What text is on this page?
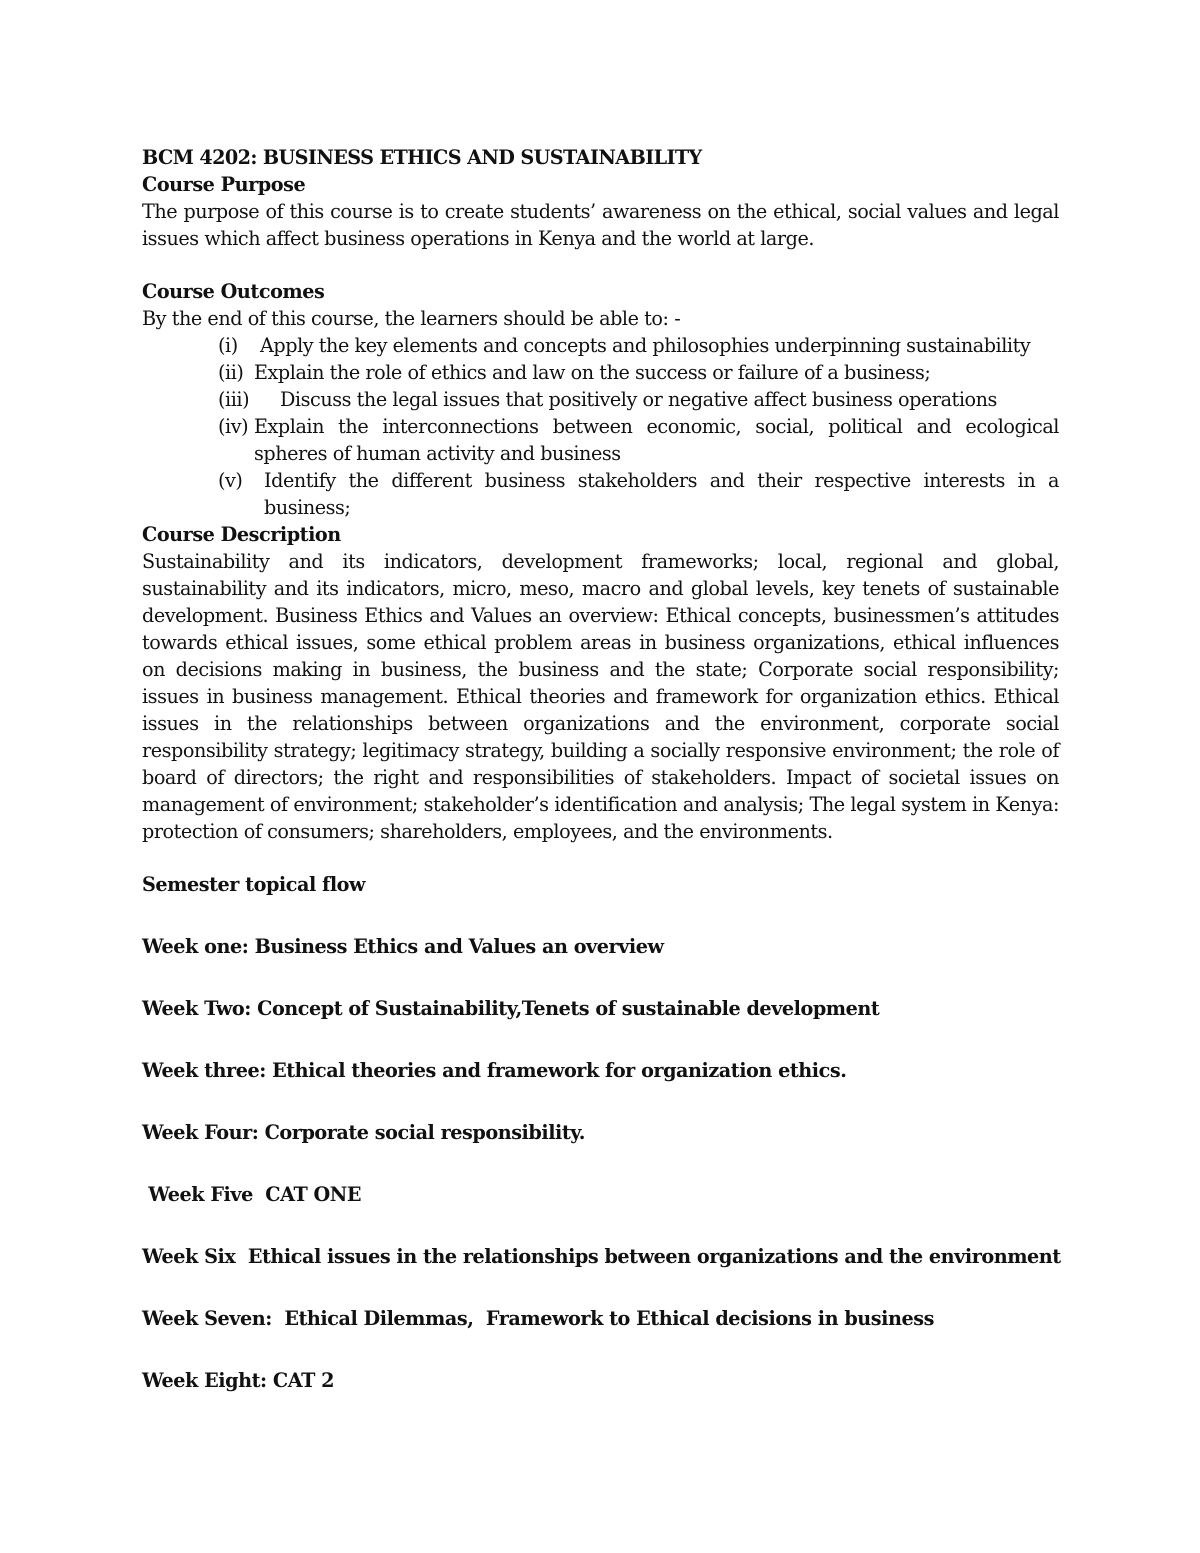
BCM 4202: BUSINESS ETHICS AND SUSTAINABILITY

Course Purpose

The purpose of this course is to create students’ awareness on the ethical, social values and legal issues which affect business operations in Kenya and the world at large.

Course Outcomes

By the end of this course, the learners should be able to: -

(i)	Apply the key elements and concepts and philosophies underpinning sustainability
(ii) Explain the role of ethics and law on the success or failure of a business;
(iii)	Discuss the legal issues that positively or negative affect business operations
(iv) Explain the interconnections between economic, social, political and ecological spheres of human activity and business
(v)	Identify the different business stakeholders and their respective interests in a business;

Course Description

Sustainability and its indicators, development frameworks; local, regional and global, sustainability and its indicators, micro, meso, macro and global levels, key tenets of sustainable development. Business Ethics and Values an overview: Ethical concepts, businessmen’s attitudes towards ethical issues, some ethical problem areas in business organizations, ethical influences on decisions making in business, the business and the state; Corporate social responsibility; issues in business management. Ethical theories and framework for organization ethics. Ethical issues in the relationships between organizations and the environment, corporate social responsibility strategy; legitimacy strategy, building a socially responsive environment; the role of board of directors; the right and responsibilities of stakeholders. Impact of societal issues on management of environment; stakeholder’s identification and analysis; The legal system in Kenya: protection of consumers; shareholders, employees, and the environments.

Semester topical flow

Week one: Business Ethics and Values an overview

Week Two: Concept of Sustainability,Tenets of sustainable development

Week three: Ethical theories and framework for organization ethics.

Week Four: Corporate social responsibility.

Week Five  CAT ONE

Week Six  Ethical issues in the relationships between organizations and the environment

Week Seven:  Ethical Dilemmas,  Framework to Ethical decisions in business

Week Eight: CAT 2
